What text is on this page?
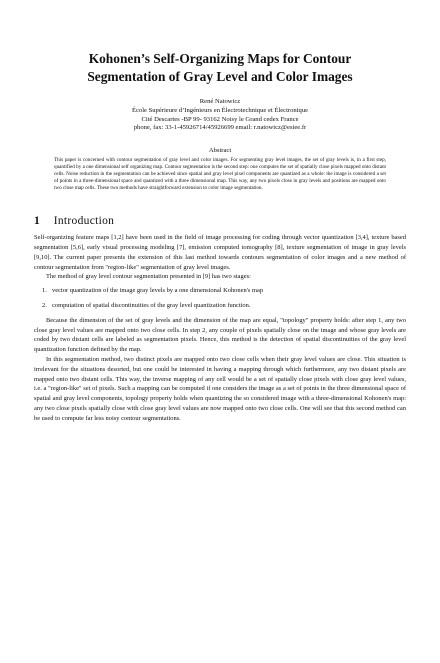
Kohonen’s Self-Organizing Maps for Contour
Segmentation of Gray Level and Color Images
René Natowicz
École Supérieure d’Ingénieurs en Électrotechnique et Électronique
Cité Descartes -BP 99- 93162 Noisy le Grand cedex France
phone, fax: 33-1-45926714/45926699 email: r.natowicz@esiee.fr
Abstract

This paper is concerned with contour segmentation of gray level and color images. For segmenting gray level images, the set of gray levels is, in a first step, quantified by a one dimensional self organizing map. Contour segmentation is the second step: one computes the set of spatially close pixels mapped onto distant cells. Noise reduction in the segmentation can be achieved since spatial and gray level pixel components are quantized as a whole: the image is considered a set of points in a three-dimensional space and quantized with a three dimensional map. This way, any two pixels close in gray levels and positions are mapped onto two close map cells. These two methods have straightforward extension to color image segmentation.

1 Introduction

Self-organizing feature maps [1,2] have been used in the field of image processing for coding through vector quantization [3,4], texture based segmentation [5,6], early visual processing modeling [7], emission computed tomography [8], texture segmentation of image in gray levels [9,10]. The current paper presents the extension of this last method towards contours segmentation of color images and a new method of contour segmentation from "region-like" segmentation of gray level images.

The method of gray level contour segmentation presented in [9] has two stages:

1. vector quantization of the image gray levels by a one dimensional Kohonen's map
2. computation of spatial discontinuities of the gray level quantization function.

Because the dimension of the set of gray levels and the dimension of the map are equal, "topology" property holds: after step 1, any two close gray level values are mapped onto two close cells. In step 2, any couple of pixels spatially close on the image and whose gray levels are coded by two distant cells are labeled as segmentation pixels. Hence, this method is the detection of spatial discontinuities of the gray level quantization function defined by the map.

In this segmentation method, two distinct pixels are mapped onto two close cells when their gray level values are close. This situation is irrelevant for the situations desorted, but one could be interested in having a mapping through which furthermore, any two distant pixels are mapped onto two distant cells. This way, the inverse mapping of any cell would be a set of spatially close pixels with close gray level values, i.e. a "region-like" set of pixels. Such a mapping can be computed if one considers the image as a set of points in the three dimensional space of spatial and gray level components, topology property holds when quantizing the so considered image with a three-dimensional Kohonen's map: any two close pixels spatially close with close gray level values are now mapped onto two close cells. One will see that this second method can be used to compute far less noisy contour segmentations.
